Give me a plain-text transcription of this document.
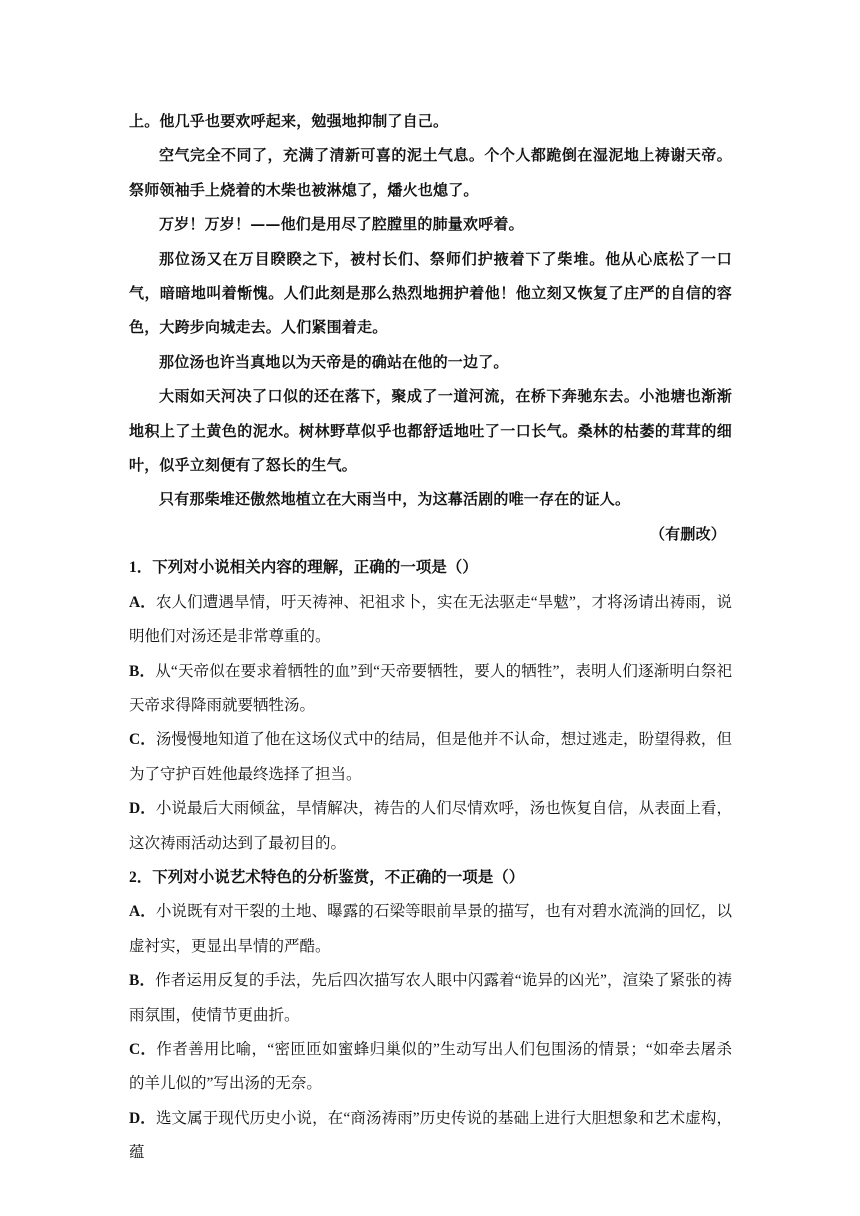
上。他几乎也要欢呼起来，勉强地抑制了自己。

空气完全不同了，充满了清新可喜的泥土气息。个个人都跪倒在湿泥地上祷谢天帝。祭师领袖手上烧着的木柴也被淋熄了，燔火也熄了。

万岁！万岁！——他们是用尽了腔膛里的肺量欢呼着。

那位汤又在万目睽睽之下，被村长们、祭师们护掖着下了柴堆。他从心底松了一口气，暗暗地叫着惭愧。人们此刻是那么热烈地拥护着他！他立刻又恢复了庄严的自信的容色，大跨步向城走去。人们紧围着走。

那位汤也许当真地以为天帝是的确站在他的一边了。

大雨如天河决了口似的还在落下，聚成了一道河流，在桥下奔驰东去。小池塘也渐渐地积上了土黄色的泥水。树林野草似乎也都舒适地吐了一口长气。桑林的枯萎的茸茸的细叶，似乎立刻便有了怒长的生气。

只有那柴堆还傲然地植立在大雨当中，为这幕活剧的唯一存在的证人。

（有删改）

1．下列对小说相关内容的理解，正确的一项是（）

A．农人们遭遇旱情，吁天祷神、祀祖求卜，实在无法驱走“旱魃”，才将汤请出祷雨，说明他们对汤还是非常尊重的。

B．从“天帝似在要求着牺牲的血”到“天帝要牺牲，要人的牺牲”，表明人们逐渐明白祭祀天帝求得降雨就要牺牲汤。

C．汤慢慢地知道了他在这场仪式中的结局，但是他并不认命，想过逃走，盼望得救，但为了守护百姓他最终选择了担当。

D．小说最后大雨倾盆，旱情解决，祷告的人们尽情欢呼，汤也恢复自信，从表面上看，这次祷雨活动达到了最初目的。

2．下列对小说艺术特色的分析鉴赏，不正确的一项是（）

A．小说既有对干裂的土地、曝露的石梁等眼前旱景的描写，也有对碧水流淌的回忆，以虚衬实，更显出旱情的严酷。

B．作者运用反复的手法，先后四次描写农人眼中闪露着“诡异的凶光”，渲染了紧张的祷雨氛围，使情节更曲折。

C．作者善用比喻，“密匝匝如蜜蜂归巢似的”生动写出人们包围汤的情景；“如牵去屠杀的羊儿似的”写出汤的无奈。

D．选文属于现代历史小说，在“商汤祷雨”历史传说的基础上进行大胆想象和艺术虚构，蕴
